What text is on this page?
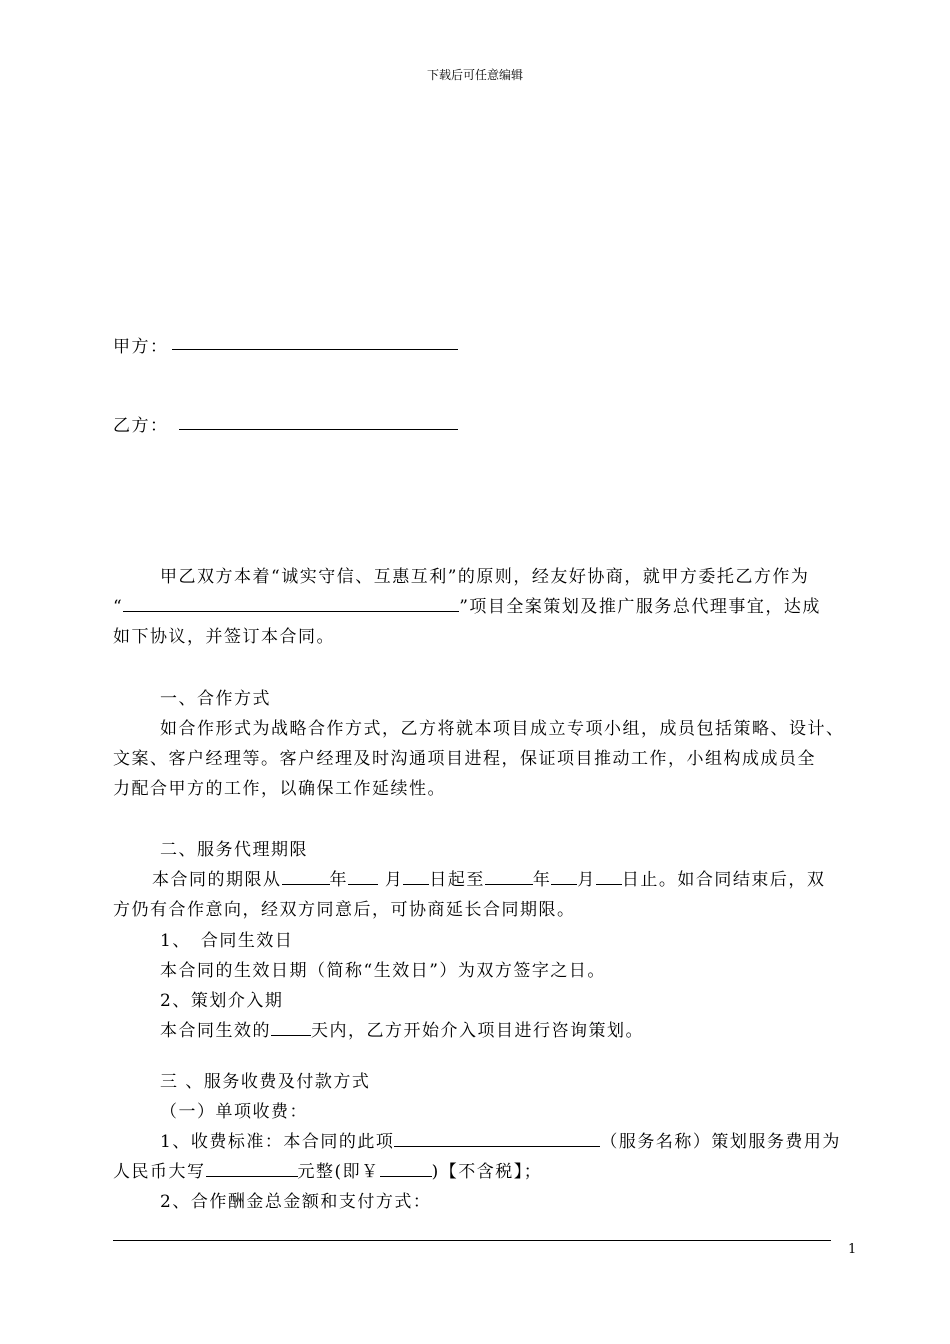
下载后可任意编辑
甲方：
乙方：
甲乙双方本着“诚实守信、互惠互利”的原则，经友好协商，就甲方委托乙方作为
“	”项目全案策划及推广服务总代理事宜，达成
如下协议，并签订本合同。
一、合作方式
如合作形式为战略合作方式，乙方将就本项目成立专项小组，成员包括策略、设计、
文案、客户经理等。客户经理及时沟通项目进程，保证项目推动工作，小组构成成员全
力配合甲方的工作，以确保工作延续性。
二、服务代理期限
本合同的期限从	年 月 日起至	年 月 日止。如合同结束后，双
方仍有合作意向，经双方同意后，可协商延长合同期限。
1、　合同生效日
本合同的生效日期（简称“生效日”）为双方签字之日。
2、策划介入期
本合同生效的 天内，乙方开始介入项目进行咨询策划。
三 、服务收费及付款方式
（一）单项收费：
1、收费标准：本合同的此项	（服务名称）策划服务费用为
人民币大写	元整(即￥	)【不含税】；
2、合作酬金总金额和支付方式：
1
